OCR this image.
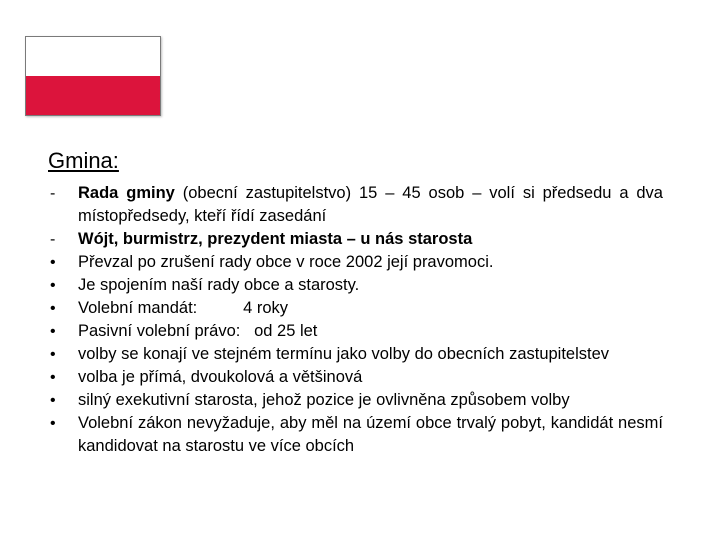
Gmina:
-	Rada gminy (obecní zastupitelstvo) 15 – 45 osob – volí si předsedu a dva místopředsedy, kteří řídí zasedání
-	Wójt, burmistrz, prezydent miasta – u nás starosta
•	Převzal po zrušení rady obce v roce 2002 její pravomoci.
•	Je spojením naší rady obce a starosty.
•	Volební mandát:          4 roky
•	Pasivní volební právo:   od 25 let
•	volby se konají ve stejném termínu jako volby do obecních zastupitelstev
•	volba je přímá, dvoukolová a většinová
•	silný exekutivní starosta, jehož pozice je ovlivněna způsobem volby
•	Volební zákon nevyžaduje, aby měl na území obce trvalý pobyt, kandidát nesmí kandidovat na starostu ve více obcích
